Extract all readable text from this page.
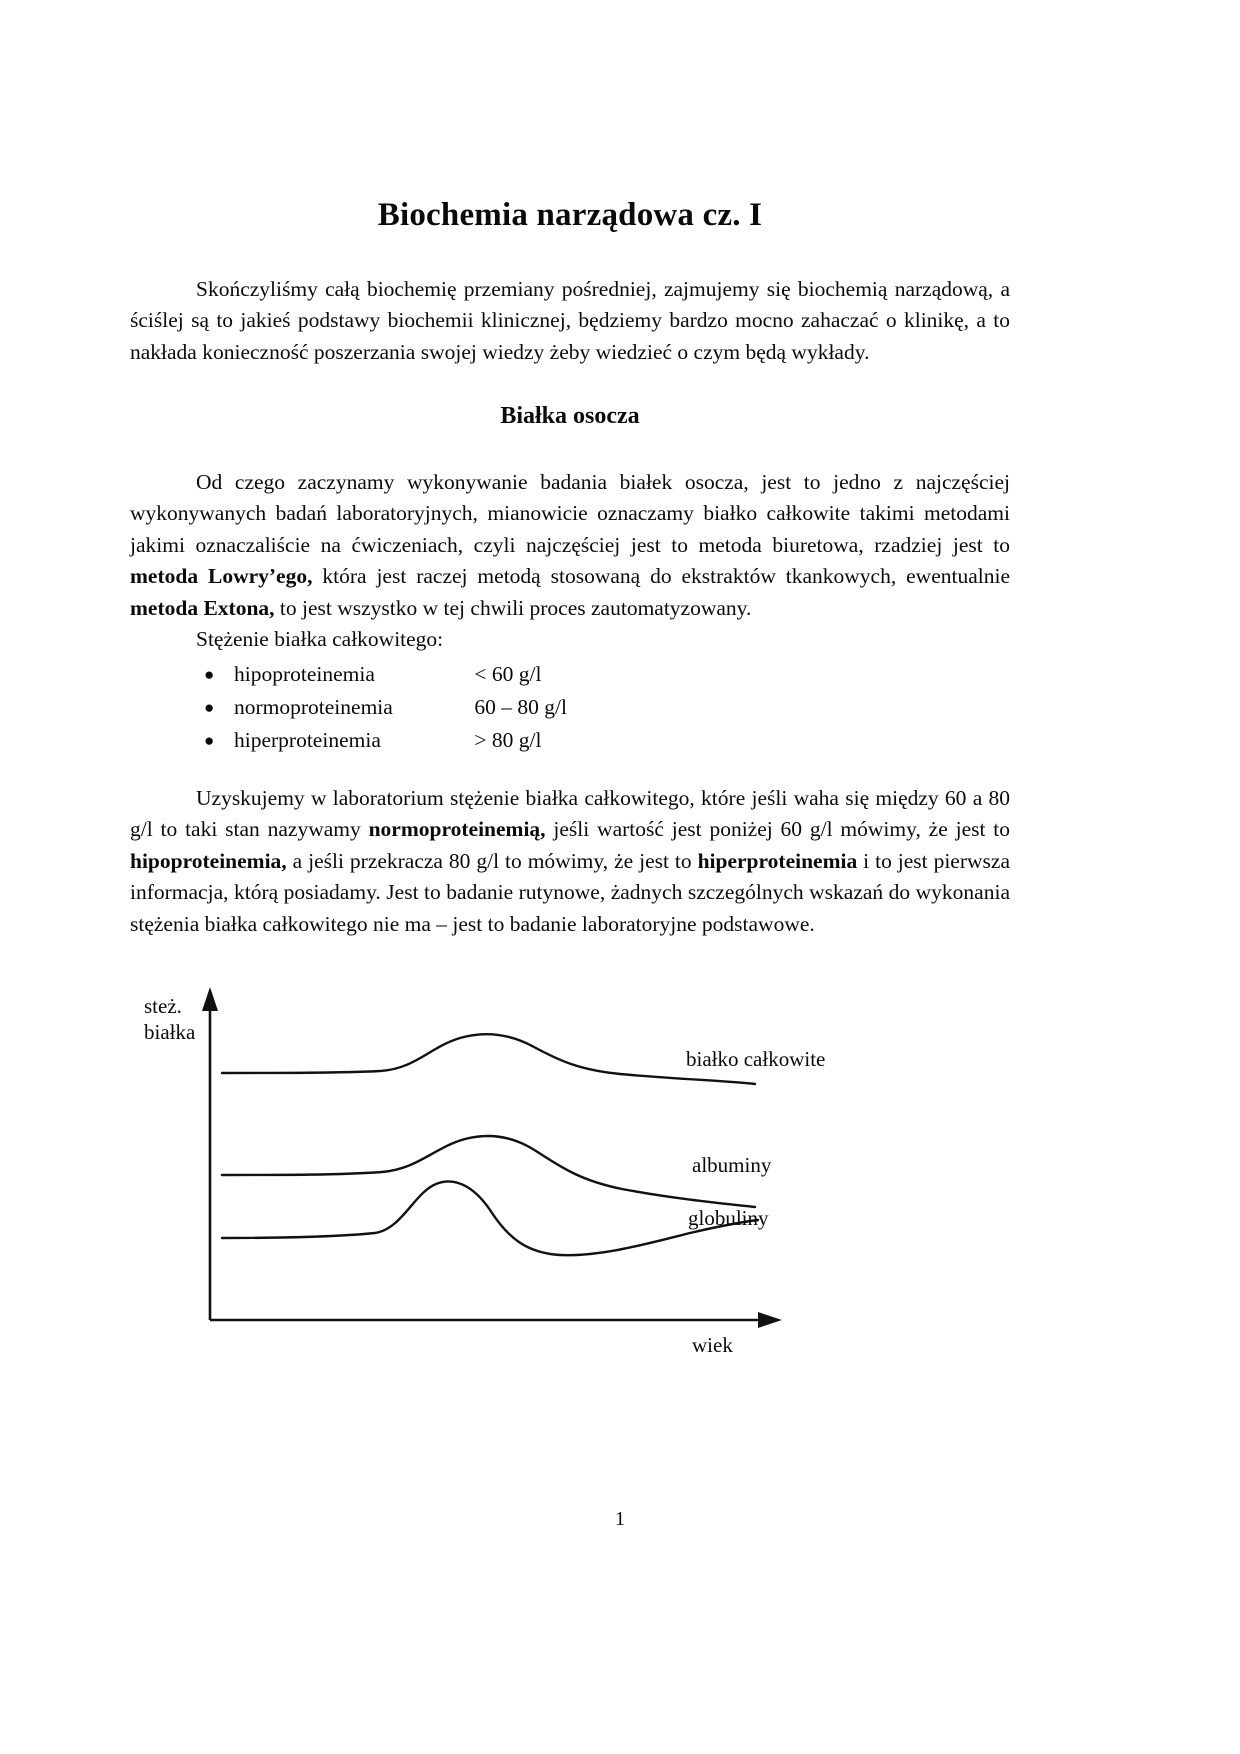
Biochemia narządowa cz. I

Skończyliśmy całą biochemię przemiany pośredniej, zajmujemy się biochemią narządową, a ściślej są to jakieś podstawy biochemii klinicznej, będziemy bardzo mocno zahaczać o klinikę, a to nakłada konieczność poszerzania swojej wiedzy żeby wiedzieć o czym będą wykłady.

Białka osocza

Od czego zaczynamy wykonywanie badania białek osocza, jest to jedno z najczęściej wykonywanych badań laboratoryjnych, mianowicie oznaczamy białko całkowite takimi metodami jakimi oznaczaliście na ćwiczeniach, czyli najczęściej jest to metoda biuretowa, rzadziej jest to metoda Lowry’ego, która jest raczej metodą stosowaną do ekstraktów tkankowych, ewentualnie metoda Extona, to jest wszystko w tej chwili proces zautomatyzowany.

Stężenie białka całkowitego:

● hipoproteinemia	< 60 g/l
● normoproteinemia	60 – 80 g/l
● hiperproteinemia	> 80 g/l

Uzyskujemy w laboratorium stężenie białka całkowitego, które jeśli waha się między 60 a 80 g/l to taki stan nazywamy normoproteinemią, jeśli wartość jest poniżej 60 g/l mówimy, że jest to hipoproteinemia, a jeśli przekracza 80 g/l to mówimy, że jest to hiperproteinemia i to jest pierwsza informacja, którą posiadamy. Jest to badanie rutynowe, żadnych szczególnych wskazań do wykonania stężenia białka całkowitego nie ma – jest to badanie laboratoryjne podstawowe.

steż.
białka
białko całkowite
albuminy
globuliny
wiek
1
